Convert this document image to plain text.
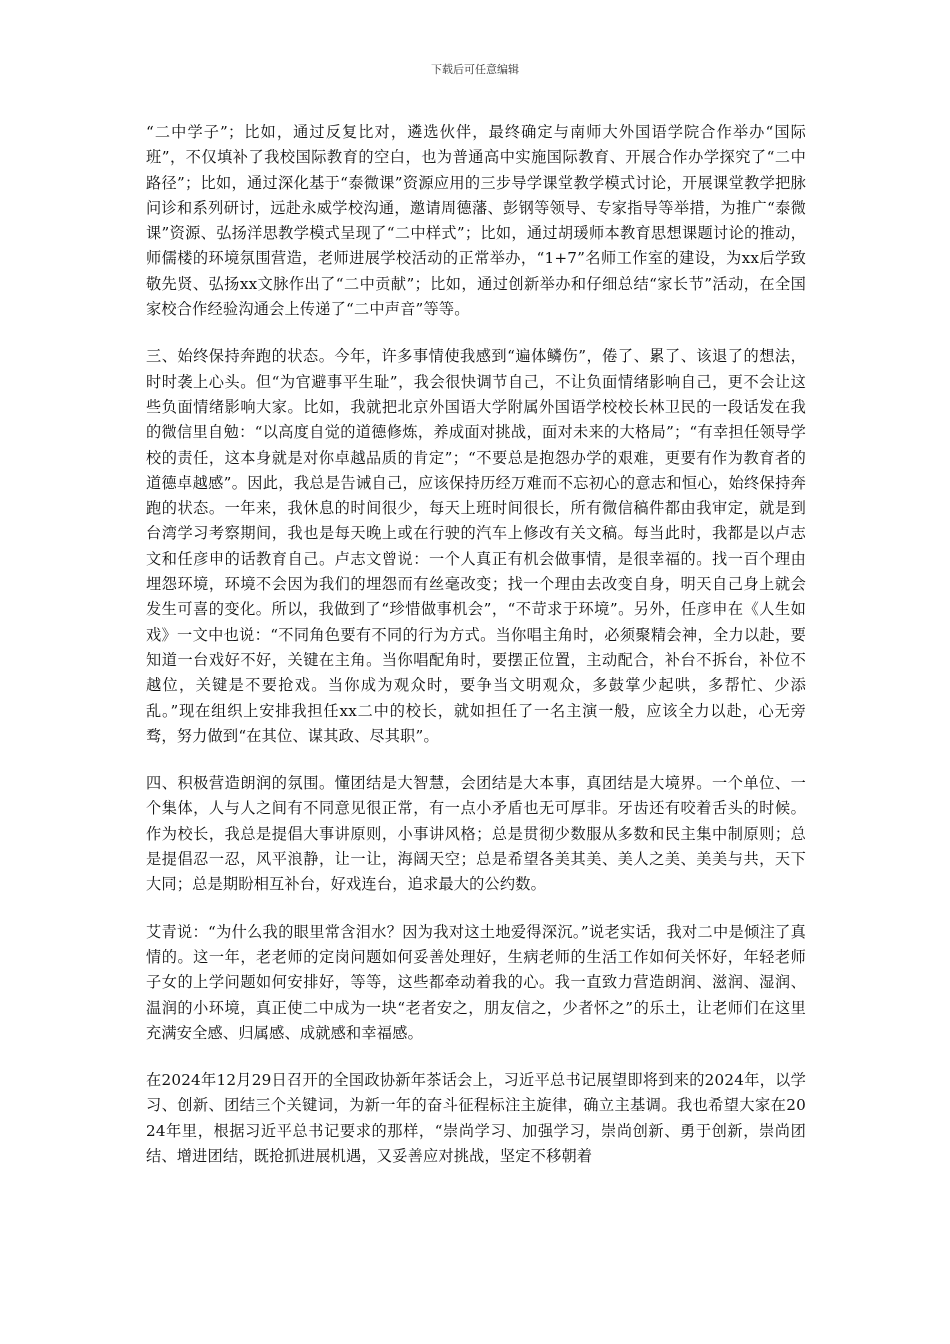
下载后可任意编辑

“二中学子”；比如，通过反复比对，遴选伙伴，最终确定与南师大外国语学院合作举办“国际班”，不仅填补了我校国际教育的空白，也为普通高中实施国际教育、开展合作办学探究了“二中路径”；比如，通过深化基于“泰微课”资源应用的三步导学课堂教学模式讨论，开展课堂教学把脉问诊和系列研讨，远赴永威学校沟通，邀请周德藩、彭钢等领导、专家指导等举措，为推广“泰微课”资源、弘扬洋思教学模式呈现了“二中样式”；比如，通过胡瑗师本教育思想课题讨论的推动，师儒楼的环境氛围营造，老师进展学校活动的正常举办，“1+7”名师工作室的建设，为xx后学致敬先贤、弘扬xx文脉作出了“二中贡献”；比如，通过创新举办和仔细总结“家长节”活动，在全国家校合作经验沟通会上传递了“二中声音”等等。

三、始终保持奔跑的状态。今年，许多事情使我感到“遍体鳞伤”，倦了、累了、该退了的想法，时时袭上心头。但“为官避事平生耻”，我会很快调节自己，不让负面情绪影响自己，更不会让这些负面情绪影响大家。比如，我就把北京外国语大学附属外国语学校校长林卫民的一段话发在我的微信里自勉：“以高度自觉的道德修炼，养成面对挑战，面对未来的大格局”；“有幸担任领导学校的责任，这本身就是对你卓越品质的肯定”；“不要总是抱怨办学的艰难，更要有作为教育者的道德卓越感”。因此，我总是告诫自己，应该保持历经万难而不忘初心的意志和恒心，始终保持奔跑的状态。一年来，我休息的时间很少，每天上班时间很长，所有微信稿件都由我审定，就是到台湾学习考察期间，我也是每天晚上或在行驶的汽车上修改有关文稿。每当此时，我都是以卢志文和任彦申的话教育自己。卢志文曾说：一个人真正有机会做事情，是很幸福的。找一百个理由埋怨环境，环境不会因为我们的埋怨而有丝毫改变；找一个理由去改变自身，明天自己身上就会发生可喜的变化。所以，我做到了“珍惜做事机会”，“不苛求于环境”。另外，任彦申在《人生如戏》一文中也说：“不同角色要有不同的行为方式。当你唱主角时，必须聚精会神，全力以赴，要知道一台戏好不好，关键在主角。当你唱配角时，要摆正位置，主动配合，补台不拆台，补位不越位，关键是不要抢戏。当你成为观众时，要争当文明观众，多鼓掌少起哄，多帮忙、少添乱。”现在组织上安排我担任xx二中的校长，就如担任了一名主演一般，应该全力以赴，心无旁骛，努力做到“在其位、谋其政、尽其职”。

四、积极营造朗润的氛围。懂团结是大智慧，会团结是大本事，真团结是大境界。一个单位、一个集体，人与人之间有不同意见很正常，有一点小矛盾也无可厚非。牙齿还有咬着舌头的时候。作为校长，我总是提倡大事讲原则，小事讲风格；总是贯彻少数服从多数和民主集中制原则；总是提倡忍一忍，风平浪静，让一让，海阔天空；总是希望各美其美、美人之美、美美与共，天下大同；总是期盼相互补台，好戏连台，追求最大的公约数。

艾青说：“为什么我的眼里常含泪水？因为我对这土地爱得深沉。”说老实话，我对二中是倾注了真情的。这一年，老老师的定岗问题如何妥善处理好，生病老师的生活工作如何关怀好，年轻老师子女的上学问题如何安排好，等等，这些都牵动着我的心。我一直致力营造朗润、滋润、湿润、温润的小环境，真正使二中成为一块“老者安之，朋友信之，少者怀之”的乐土，让老师们在这里充满安全感、归属感、成就感和幸福感。

在2024年12月29日召开的全国政协新年茶话会上，习近平总书记展望即将到来的2024年，以学习、创新、团结三个关键词，为新一年的奋斗征程标注主旋律，确立主基调。我也希望大家在2024年里，根据习近平总书记要求的那样，“崇尚学习、加强学习，崇尚创新、勇于创新，崇尚团结、增进团结，既抢抓进展机遇，又妥善应对挑战，坚定不移朝着
